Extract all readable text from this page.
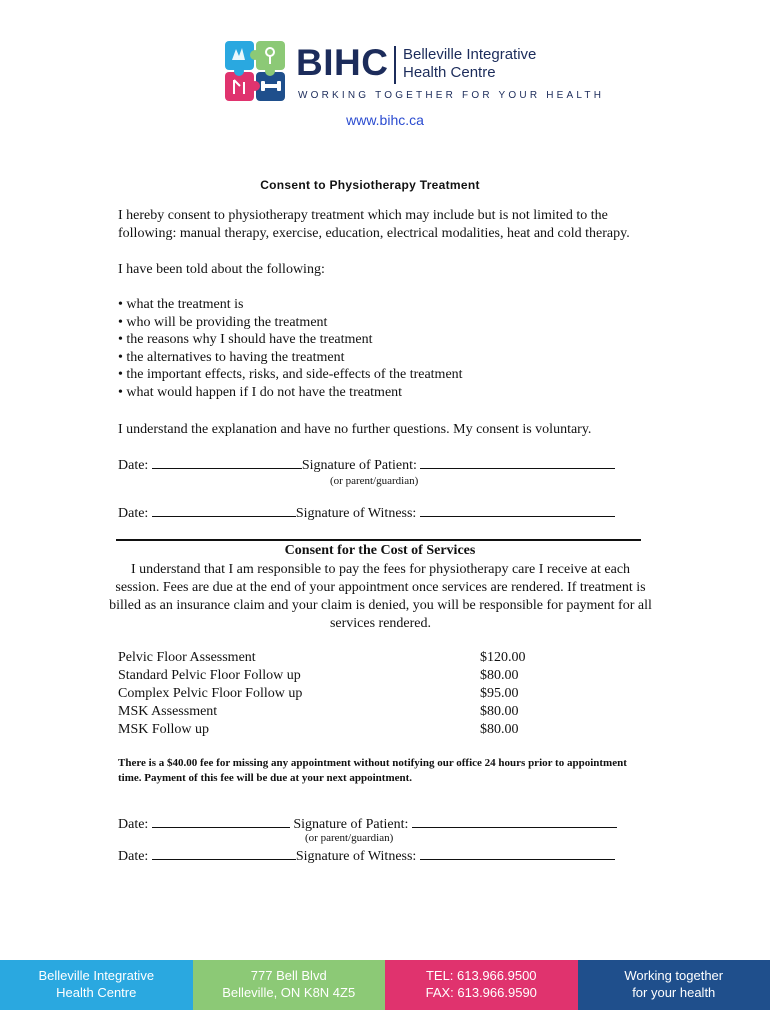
BIHC Belleville Integrative
Health Centre
WORKING TOGETHER FOR YOUR HEALTH
www.bihc.ca
Consent to Physiotherapy Treatment
I hereby consent to physiotherapy treatment which may include but is not limited to the following: manual therapy, exercise, education, electrical modalities, heat and cold therapy.
I have been told about the following:
• what the treatment is
• who will be providing the treatment
• the reasons why I should have the treatment
• the alternatives to having the treatment
• the important effects, risks, and side-effects of the treatment
• what would happen if I do not have the treatment
I understand the explanation and have no further questions. My consent is voluntary.
Date:	Signature of Patient:
(or parent/guardian)
Date:	Signature of Witness:
Consent for the Cost of Services
I understand that I am responsible to pay the fees for physiotherapy care I receive at each session. Fees are due at the end of your appointment once services are rendered. If treatment is billed as an insurance claim and your claim is denied, you will be responsible for payment for all services rendered.
Pelvic Floor Assessment	$120.00
Standard Pelvic Floor Follow up	$80.00
Complex Pelvic Floor Follow up	$95.00
MSK Assessment	$80.00
MSK Follow up	$80.00
There is a $40.00 fee for missing any appointment without notifying our office 24 hours prior to appointment time. Payment of this fee will be due at your next appointment.
Date:	Signature of Patient:
(or parent/guardian)
Date:	Signature of Witness:
Belleville Integrative
Health Centre
777 Bell Blvd
Belleville, ON K8N 4Z5
TEL: 613.966.9500
FAX: 613.966.9590
Working together
for your health
